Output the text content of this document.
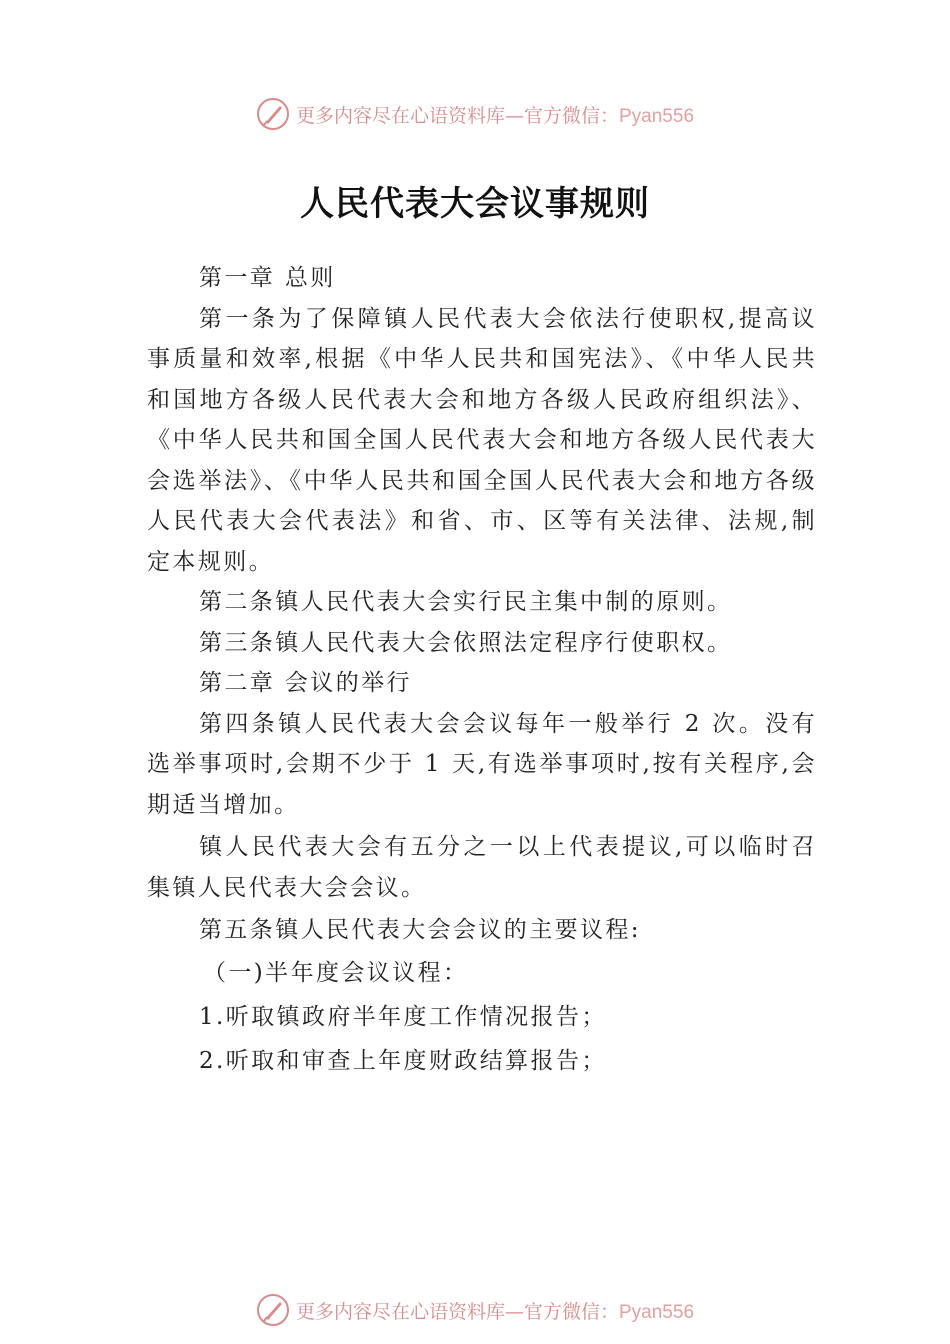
更多内容尽在心语资料库—官方微信：Pyan556
人民代表大会议事规则

第一章 总则

第一条为了保障镇人民代表大会依法行使职权,提高议事质量和效率,根据《中华人民共和国宪法》、《中华人民共和国地方各级人民代表大会和地方各级人民政府组织法》、《中华人民共和国全国人民代表大会和地方各级人民代表大会选举法》、《中华人民共和国全国人民代表大会和地方各级人民代表大会代表法》和省、市、区等有关法律、法规,制定本规则。

第二条镇人民代表大会实行民主集中制的原则。

第三条镇人民代表大会依照法定程序行使职权。

第二章 会议的举行

第四条镇人民代表大会会议每年一般举行 2 次。没有选举事项时,会期不少于 1 天,有选举事项时,按有关程序,会期适当增加。

镇人民代表大会有五分之一以上代表提议,可以临时召集镇人民代表大会会议。

第五条镇人民代表大会会议的主要议程:

（一)半年度会议议程：

1.听取镇政府半年度工作情况报告；

2.听取和审查上年度财政结算报告；

更多内容尽在心语资料库—官方微信：Pyan556
